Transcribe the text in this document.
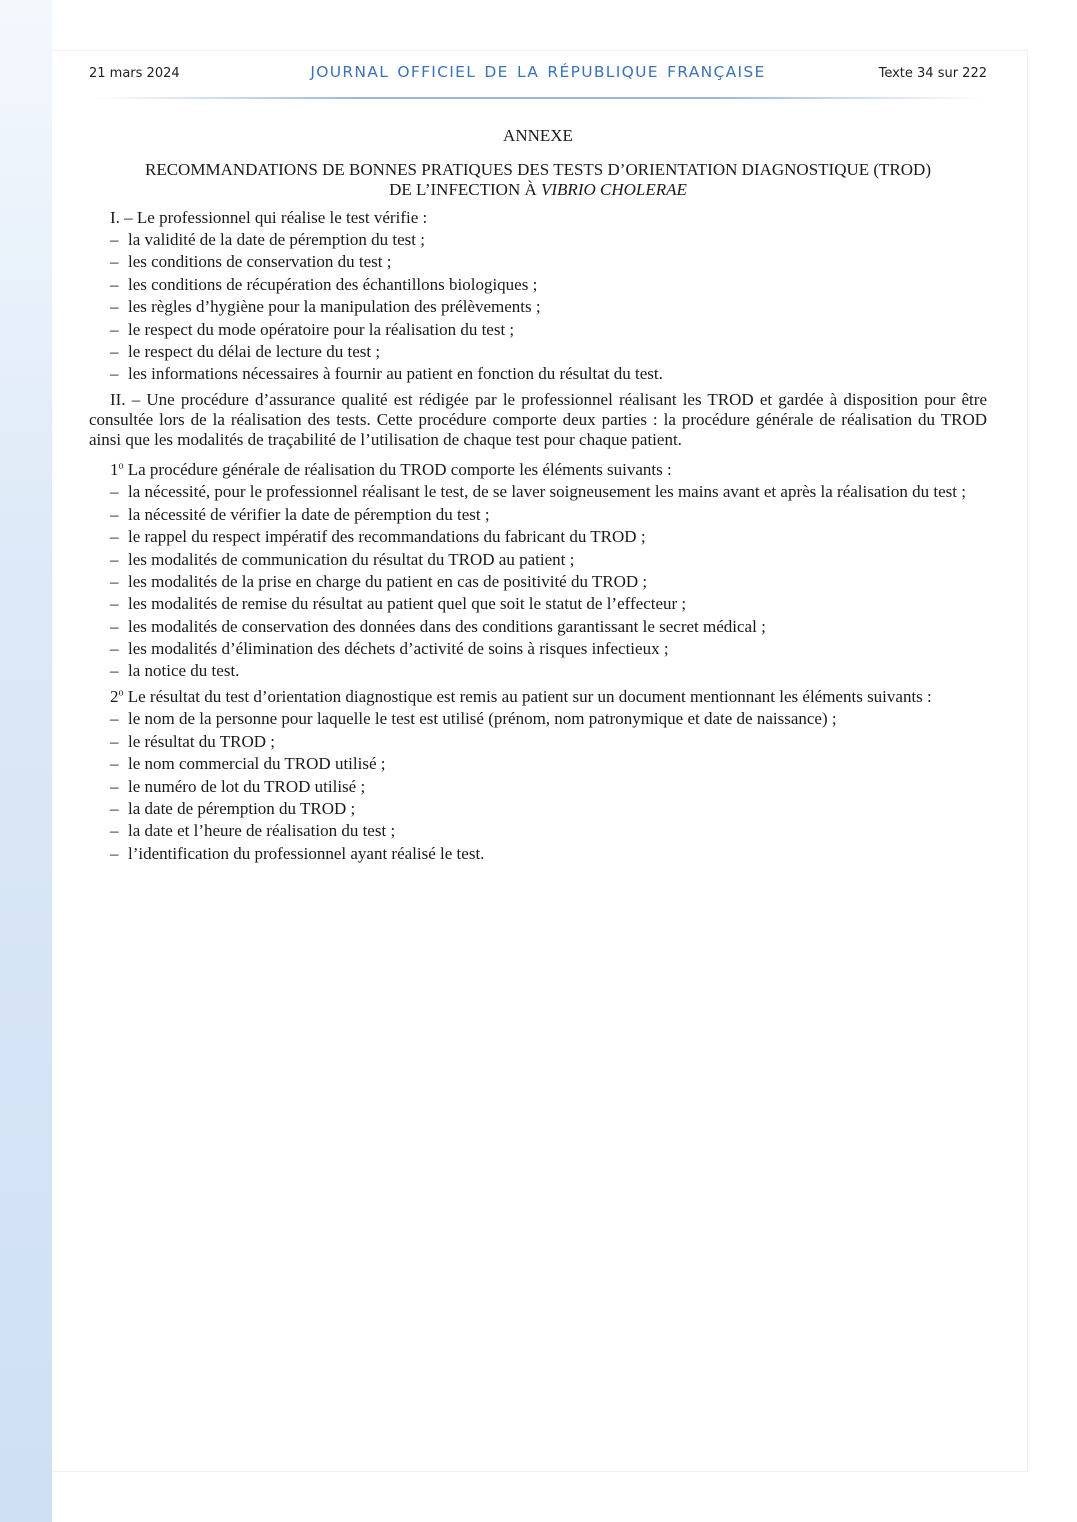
21 mars 2024	JOURNAL OFFICIEL DE LA RÉPUBLIQUE FRANÇAISE	Texte 34 sur 222

ANNEXE

RECOMMANDATIONS DE BONNES PRATIQUES DES TESTS D’ORIENTATION DIAGNOSTIQUE (TROD)

DE L’INFECTION À VIBRIO CHOLERAE

I. – Le professionnel qui réalise le test vérifie :

– la validité de la date de péremption du test ;
– les conditions de conservation du test ;
– les conditions de récupération des échantillons biologiques ;
– les règles d’hygiène pour la manipulation des prélèvements ;
– le respect du mode opératoire pour la réalisation du test ;
– le respect du délai de lecture du test ;
– les informations nécessaires à fournir au patient en fonction du résultat du test.

II. – Une procédure d’assurance qualité est rédigée par le professionnel réalisant les TROD et gardée à disposition pour être consultée lors de la réalisation des tests. Cette procédure comporte deux parties : la procédure générale de réalisation du TROD ainsi que les modalités de traçabilité de l’utilisation de chaque test pour chaque patient.

1$^o$ La procédure générale de réalisation du TROD comporte les éléments suivants :

– la nécessité, pour le professionnel réalisant le test, de se laver soigneusement les mains avant et après la réalisation du test ;
– la nécessité de vérifier la date de péremption du test ;
– le rappel du respect impératif des recommandations du fabricant du TROD ;
– les modalités de communication du résultat du TROD au patient ;
– les modalités de la prise en charge du patient en cas de positivité du TROD ;
– les modalités de remise du résultat au patient quel que soit le statut de l’effecteur ;
– les modalités de conservation des données dans des conditions garantissant le secret médical ;
– les modalités d’élimination des déchets d’activité de soins à risques infectieux ;
– la notice du test.

2$^o$ Le résultat du test d’orientation diagnostique est remis au patient sur un document mentionnant les éléments suivants :

– le nom de la personne pour laquelle le test est utilisé (prénom, nom patronymique et date de naissance) ;
– le résultat du TROD ;
– le nom commercial du TROD utilisé ;
– le numéro de lot du TROD utilisé ;
– la date de péremption du TROD ;
– la date et l’heure de réalisation du test ;
– l’identification du professionnel ayant réalisé le test.
